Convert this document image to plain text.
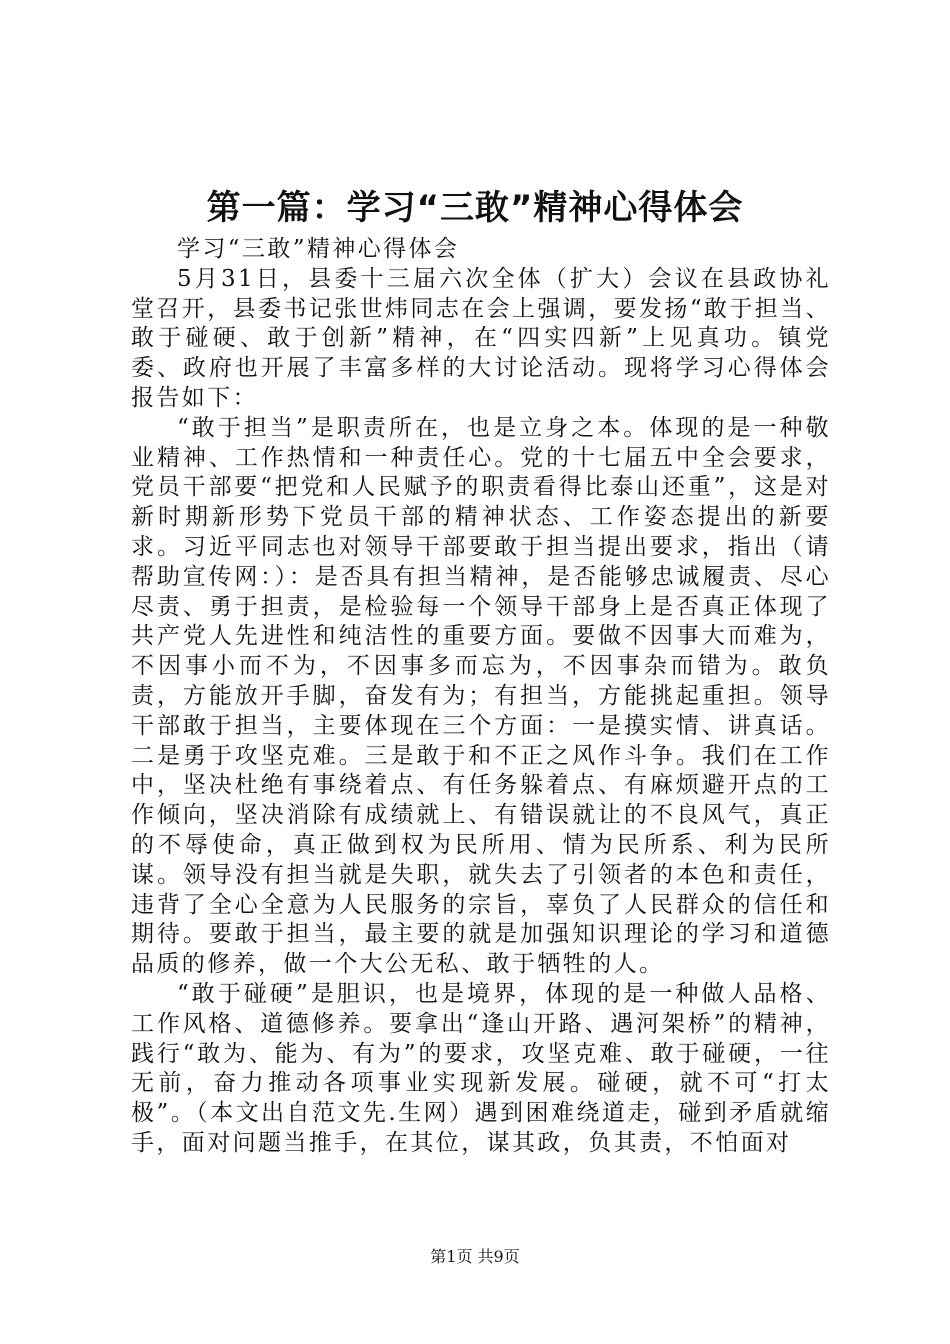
第一篇：学习“三敢”精神心得体会

学习“三敢”精神心得体会

5月31日，县委十三届六次全体（扩大）会议在县政协礼堂召开，县委书记张世炜同志在会上强调，要发扬“敢于担当、敢于碰硬、敢于创新”精神，在“四实四新”上见真功。镇党委、政府也开展了丰富多样的大讨论活动。现将学习心得体会报告如下：

“敢于担当”是职责所在，也是立身之本。体现的是一种敬业精神、工作热情和一种责任心。党的十七届五中全会要求，党员干部要“把党和人民赋予的职责看得比泰山还重”，这是对新时期新形势下党员干部的精神状态、工作姿态提出的新要求。习近平同志也对领导干部要敢于担当提出要求，指出（请帮助宣传网：）：是否具有担当精神，是否能够忠诚履责、尽心尽责、勇于担责，是检验每一个领导干部身上是否真正体现了共产党人先进性和纯洁性的重要方面。要做不因事大而难为，不因事小而不为，不因事多而忘为，不因事杂而错为。敢负责，方能放开手脚，奋发有为；有担当，方能挑起重担。领导干部敢于担当，主要体现在三个方面：一是摸实情、讲真话。二是勇于攻坚克难。三是敢于和不正之风作斗争。我们在工作中，坚决杜绝有事绕着点、有任务躲着点、有麻烦避开点的工作倾向，坚决消除有成绩就上、有错误就让的不良风气，真正的不辱使命，真正做到权为民所用、情为民所系、利为民所谋。领导没有担当就是失职，就失去了引领者的本色和责任，违背了全心全意为人民服务的宗旨，辜负了人民群众的信任和期待。要敢于担当，最主要的就是加强知识理论的学习和道德品质的修养，做一个大公无私、敢于牺牲的人。

“敢于碰硬”是胆识，也是境界，体现的是一种做人品格、工作风格、道德修养。要拿出“逢山开路、遇河架桥”的精神，践行“敢为、能为、有为”的要求，攻坚克难、敢于碰硬，一往无前，奋力推动各项事业实现新发展。碰硬，就不可“打太极”。（本文出自范文先.生网）遇到困难绕道走，碰到矛盾就缩手，面对问题当推手，在其位，谋其政，负其责，不怕面对

第1页 共9页
